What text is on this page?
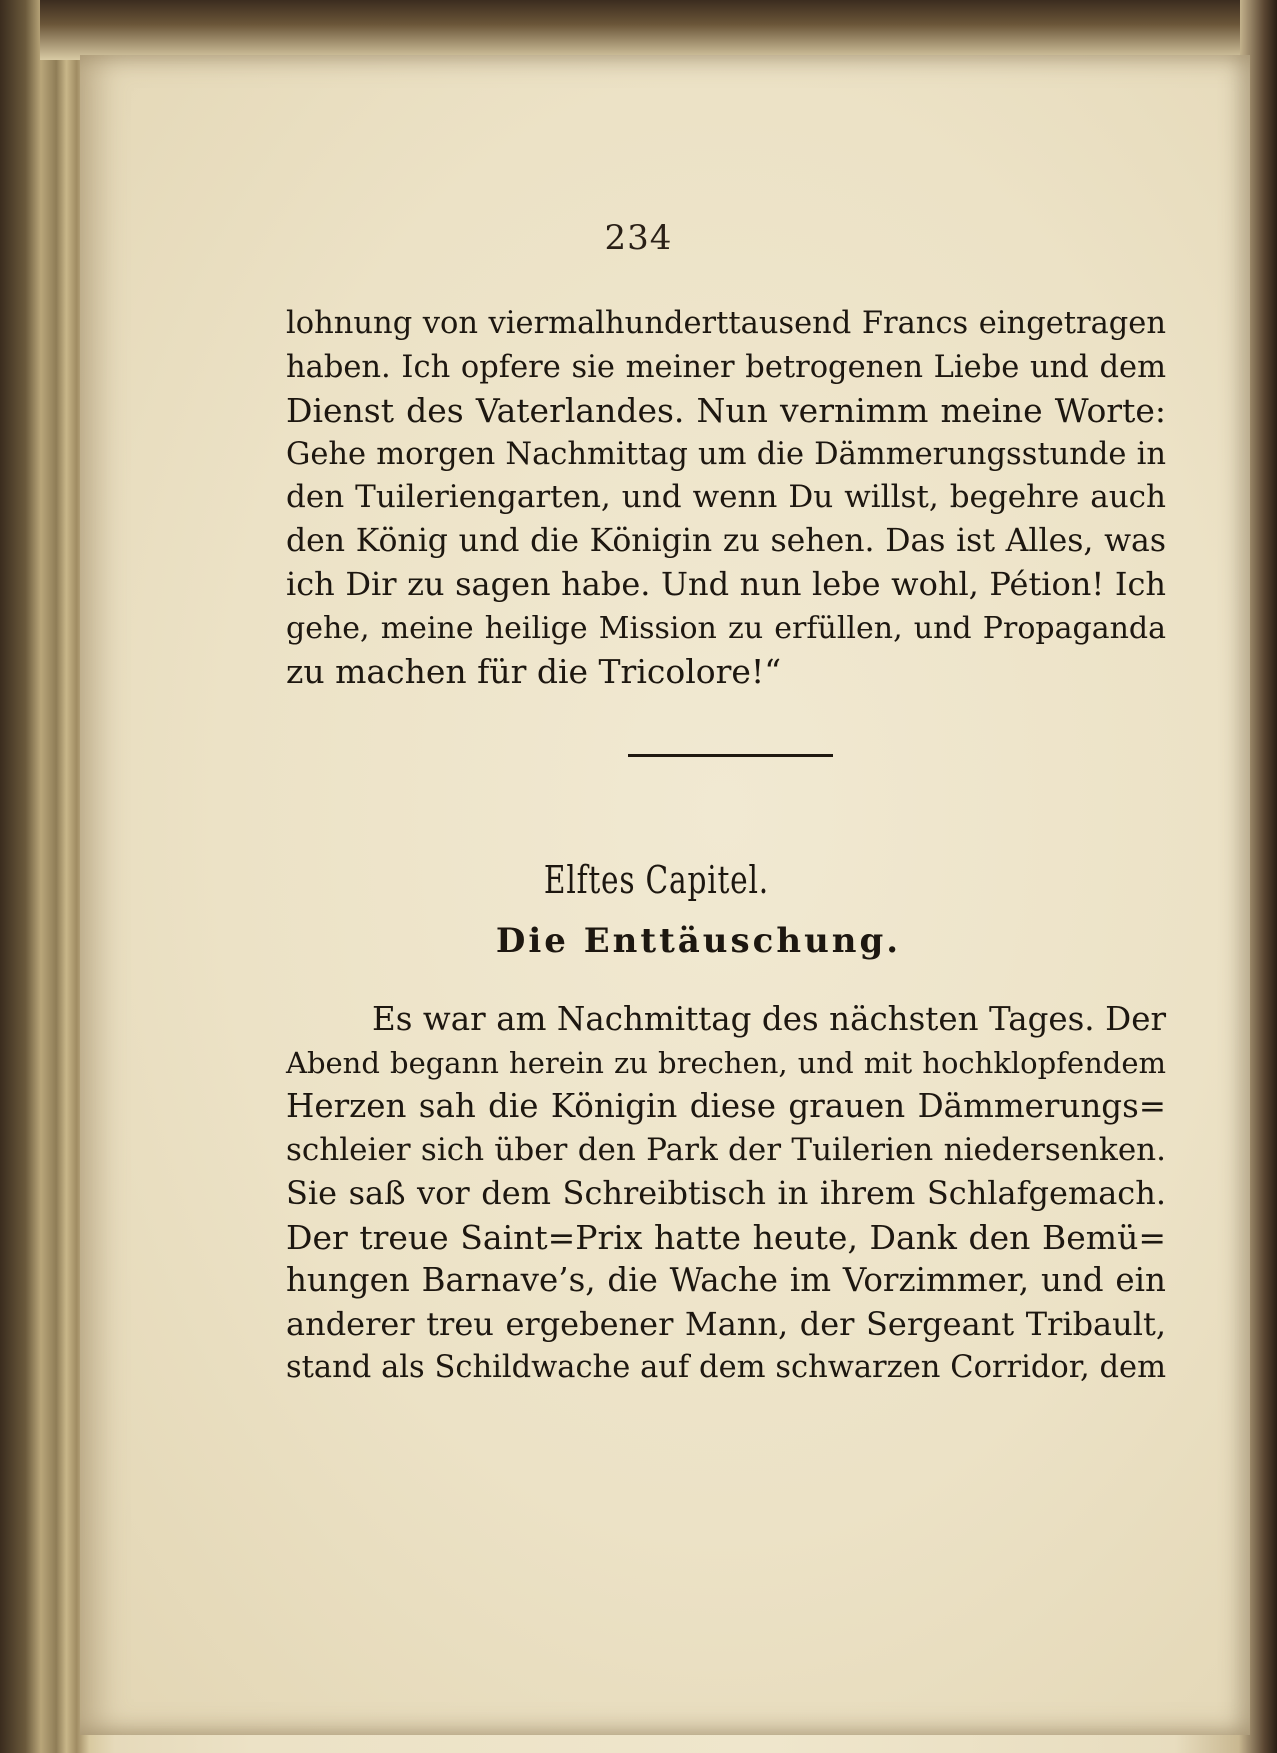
234
lohnung von viermalhunderttausend Francs eingetragen
haben. Ich opfere sie meiner betrogenen Liebe und dem
Dienst des Vaterlandes. Nun vernimm meine Worte:
Gehe morgen Nachmittag um die Dämmerungsstunde in
den Tuileriengarten, und wenn Du willst, begehre auch
den König und die Königin zu sehen. Das ist Alles, was
ich Dir zu sagen habe. Und nun lebe wohl, Pétion! Ich
gehe, meine heilige Mission zu erfüllen, und Propaganda
zu machen für die Tricolore!“
Elftes Capitel.
Die Enttäuschung.
Es war am Nachmittag des nächsten Tages. Der
Abend begann herein zu brechen, und mit hochklopfendem
Herzen sah die Königin diese grauen Dämmerungs=
schleier sich über den Park der Tuilerien niedersenken.
Sie saß vor dem Schreibtisch in ihrem Schlafgemach.
Der treue Saint=Prix hatte heute, Dank den Bemü=
hungen Barnave’s, die Wache im Vorzimmer, und ein
anderer treu ergebener Mann, der Sergeant Tribault,
stand als Schildwache auf dem schwarzen Corridor, dem
